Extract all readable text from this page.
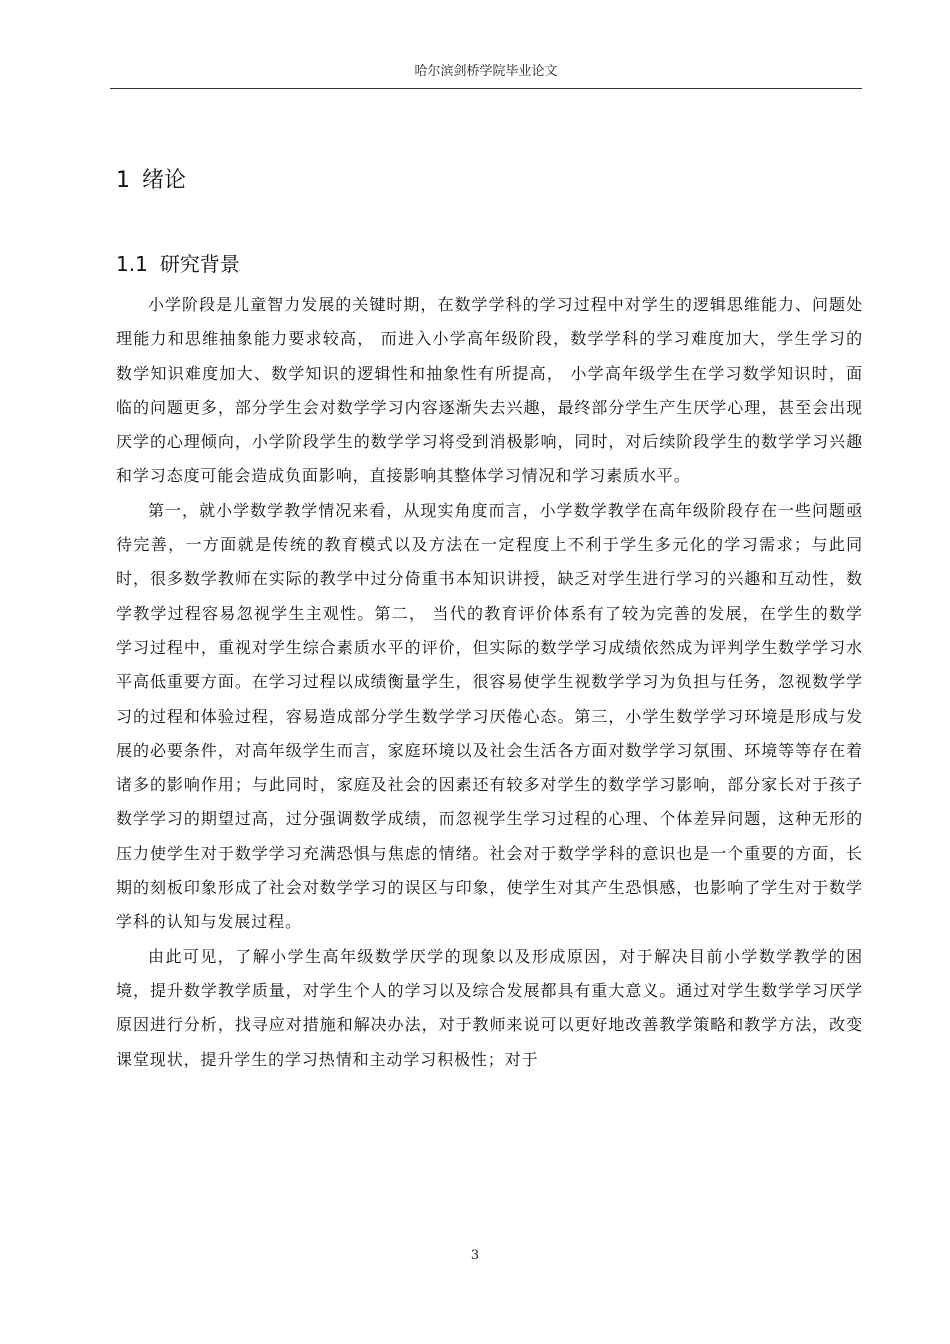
哈尔滨剑桥学院毕业论文
1 绪论
1.1 研究背景

小学阶段是儿童智力发展的关键时期，在数学学科的学习过程中对学生的逻辑思维能力、问题处理能力和思维抽象能力要求较高， 而进入小学高年级阶段，数学学科的学习难度加大，学生学习的数学知识难度加大、数学知识的逻辑性和抽象性有所提高， 小学高年级学生在学习数学知识时，面临的问题更多，部分学生会对数学学习内容逐渐失去兴趣，最终部分学生产生厌学心理，甚至会出现厌学的心理倾向，小学阶段学生的数学学习将受到消极影响，同时，对后续阶段学生的数学学习兴趣和学习态度可能会造成负面影响，直接影响其整体学习情况和学习素质水平。

第一，就小学数学教学情况来看，从现实角度而言，小学数学教学在高年级阶段存在一些问题亟待完善，一方面就是传统的教育模式以及方法在一定程度上不利于学生多元化的学习需求；与此同时，很多数学教师在实际的教学中过分倚重书本知识讲授，缺乏对学生进行学习的兴趣和互动性，数学教学过程容易忽视学生主观性。第二， 当代的教育评价体系有了较为完善的发展，在学生的数学学习过程中，重视对学生综合素质水平的评价，但实际的数学学习成绩依然成为评判学生数学学习水平高低重要方面。在学习过程以成绩衡量学生，很容易使学生视数学学习为负担与任务，忽视数学学习的过程和体验过程，容易造成部分学生数学学习厌倦心态。第三，小学生数学学习环境是形成与发展的必要条件，对高年级学生而言，家庭环境以及社会生活各方面对数学学习氛围、环境等等存在着诸多的影响作用；与此同时，家庭及社会的因素还有较多对学生的数学学习影响，部分家长对于孩子数学学习的期望过高，过分强调数学成绩，而忽视学生学习过程的心理、个体差异问题，这种无形的压力使学生对于数学学习充满恐惧与焦虑的情绪。社会对于数学学科的意识也是一个重要的方面，长期的刻板印象形成了社会对数学学习的误区与印象，使学生对其产生恐惧感，也影响了学生对于数学学科的认知与发展过程。

由此可见，了解小学生高年级数学厌学的现象以及形成原因，对于解决目前小学数学教学的困境，提升数学教学质量，对学生个人的学习以及综合发展都具有重大意义。通过对学生数学学习厌学原因进行分析，找寻应对措施和解决办法，对于教师来说可以更好地改善教学策略和教学方法，改变课堂现状，提升学生的学习热情和主动学习积极性；对于

3
